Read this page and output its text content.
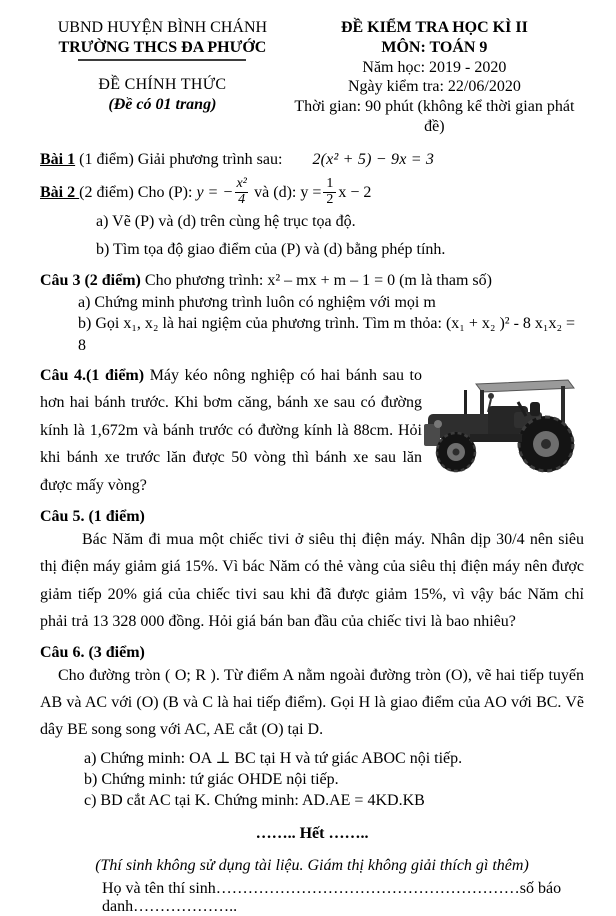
UBND HUYỆN BÌNH CHÁNH
TRƯỜNG THCS ĐA PHƯỚC
ĐỀ CHÍNH THỨC
(Đề có 01 trang)
ĐỀ KIỂM TRA HỌC KÌ II
MÔN: TOÁN 9
Năm học: 2019 - 2020
Ngày kiểm tra: 22/06/2020
Thời gian: 90 phút (không kể thời gian phát đề)
Bài 1 (1 điểm) Giải phương trình sau: 2(x² + 5) − 9x = 3
Bài 2 (2 điểm) Cho (P): y = − $\frac{\text{x²}}{4}$ và (d): $y = \frac{1}{2}$ x − 2
a) Vẽ (P) và (d) trên cùng hệ trục tọa độ.
b) Tìm tọa độ giao điểm của (P) và (d) bằng phép tính.
Câu 3 (2 điểm) Cho phương trình: x² – mx + m – 1 = 0 (m là tham số)
a) Chứng minh phương trình luôn có nghiệm với mọi m
b) Gọi x₁, x₂ là hai ngiệm của phương trình. Tìm m thỏa: (x₁ + x₂ )² - 8 x₁x₂ = 8
Câu 4.(1 điểm) Máy kéo nông nghiệp có hai bánh sau to hơn hai bánh trước. Khi bơm căng, bánh xe sau có đường kính là 1,672m và bánh trước có đường kính là 88cm. Hỏi khi bánh xe trước lăn được 50 vòng thì bánh xe sau lăn được mấy vòng?
Câu 5. (1 điểm)
Bác Năm đi mua một chiếc tivi ở siêu thị điện máy. Nhân dịp 30/4 nên siêu thị điện máy giảm giá 15%. Vì bác Năm có thẻ vàng của siêu thị điện máy nên được giảm tiếp 20% giá của chiếc tivi sau khi đã được giảm 15%, vì vậy bác Năm chỉ phải trả 13 328 000 đồng. Hỏi giá bán ban đầu của chiếc tivi là bao nhiêu?
Câu 6. (3 điểm)
Cho đường tròn ( O; R ). Từ điểm A nằm ngoài đường tròn (O), vẽ hai tiếp tuyến AB và AC với (O) (B và C là hai tiếp điểm). Gọi H là giao điểm của AO với BC. Vẽ dây BE song song với AC, AE cắt (O) tại D.
a) Chứng minh: OA ⊥ BC tại H và tứ giác ABOC nội tiếp.
b) Chứng minh: tứ giác OHDE nội tiếp.
c) BD cắt AC tại K. Chứng minh: AD.AE = 4KD.KB
…….. Hết ……..
(Thí sinh không sử dụng tài liệu. Giám thị không giải thích gì thêm)
Họ và tên thí sinh…………………………………………………số báo danh………………..
